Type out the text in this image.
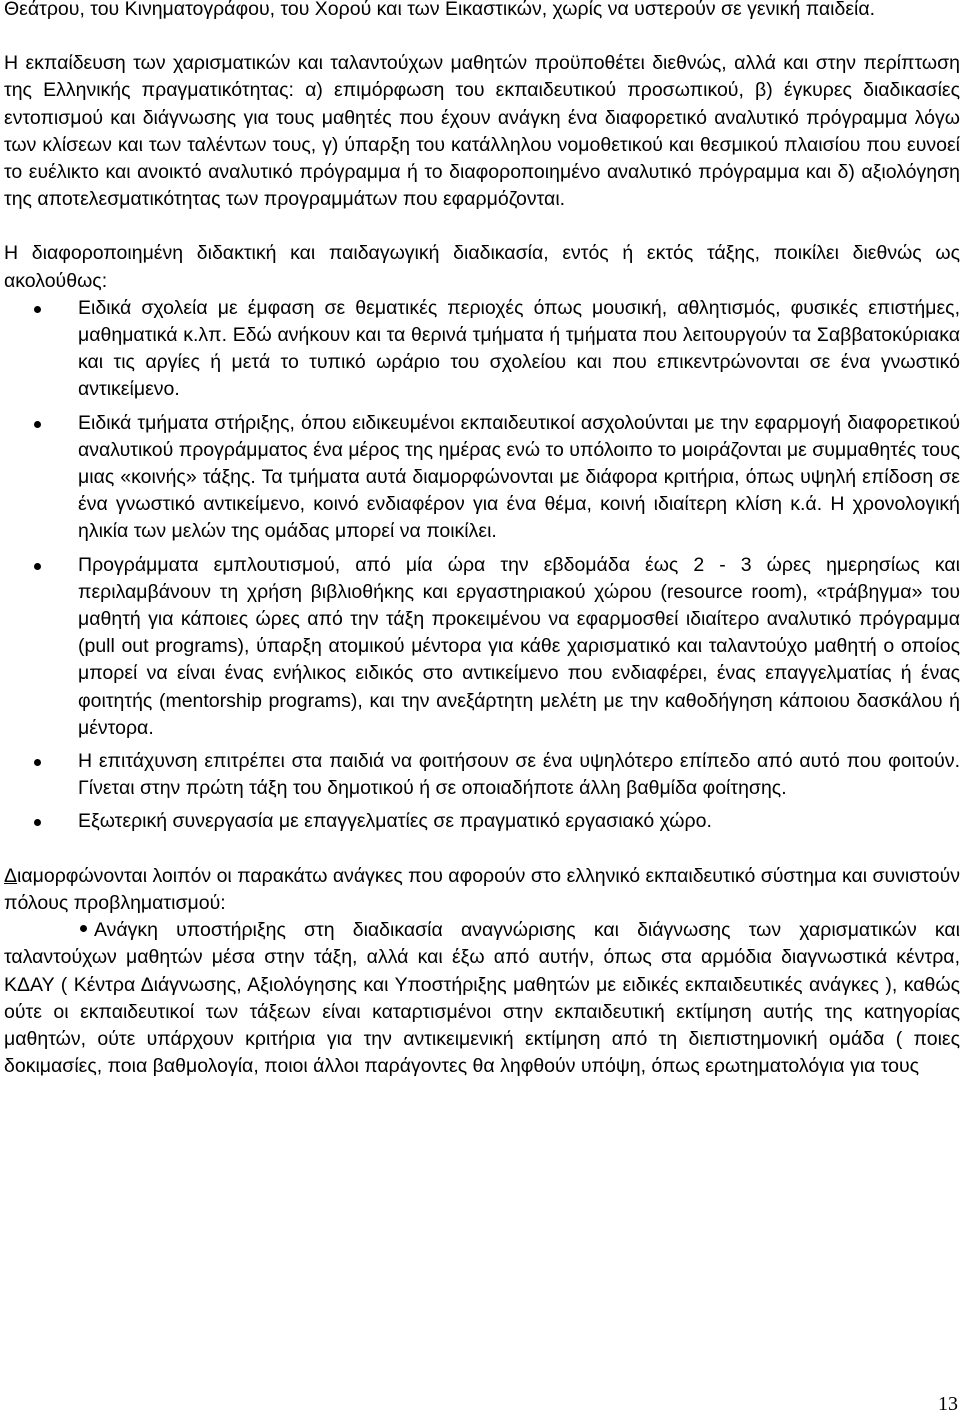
Θεάτρου, του Κινηματογράφου, του Χορού και των Εικαστικών, χωρίς να υστερούν σε γενική παιδεία.

Η εκπαίδευση των χαρισματικών και ταλαντούχων μαθητών προϋποθέτει διεθνώς, αλλά και στην περίπτωση της Ελληνικής πραγματικότητας: α) επιμόρφωση του εκπαιδευτικού προσωπικού, β) έγκυρες διαδικασίες εντοπισμού και διάγνωσης για τους μαθητές που έχουν ανάγκη ένα διαφορετικό αναλυτικό πρόγραμμα λόγω των κλίσεων και των ταλέντων τους, γ) ύπαρξη του κατάλληλου νομοθετικού και θεσμικού πλαισίου που ευνοεί το ευέλικτο και ανοικτό αναλυτικό πρόγραμμα ή το διαφοροποιημένο αναλυτικό πρόγραμμα και δ) αξιολόγηση της αποτελεσματικότητας των προγραμμάτων που εφαρμόζονται.

Η διαφοροποιημένη διδακτική και παιδαγωγική διαδικασία, εντός ή εκτός τάξης, ποικίλει διεθνώς ως ακολούθως:

Ειδικά σχολεία με έμφαση σε θεματικές περιοχές όπως μουσική, αθλητισμός, φυσικές επιστήμες, μαθηματικά κ.λπ. Εδώ ανήκουν και τα θερινά τμήματα ή τμήματα που λειτουργούν τα Σαββατοκύριακα και τις αργίες ή μετά το τυπικό ωράριο του σχολείου και που επικεντρώνονται σε ένα γνωστικό αντικείμενο.
Ειδικά τμήματα στήριξης, όπου ειδικευμένοι εκπαιδευτικοί ασχολούνται με την εφαρμογή διαφορετικού αναλυτικού προγράμματος ένα μέρος της ημέρας ενώ το υπόλοιπο το μοιράζονται με συμμαθητές τους μιας «κοινής» τάξης. Τα τμήματα αυτά διαμορφώνονται με διάφορα κριτήρια, όπως υψηλή επίδοση σε ένα γνωστικό αντικείμενο, κοινό ενδιαφέρον για ένα θέμα, κοινή ιδιαίτερη κλίση κ.ά. Η χρονολογική ηλικία των μελών της ομάδας μπορεί να ποικίλει.
Προγράμματα εμπλουτισμού, από μία ώρα την εβδομάδα έως 2 - 3 ώρες ημερησίως και περιλαμβάνουν τη χρήση βιβλιοθήκης και εργαστηριακού χώρου (resource room), «τράβηγμα» του μαθητή για κάποιες ώρες από την τάξη προκειμένου να εφαρμοσθεί ιδιαίτερο αναλυτικό πρόγραμμα (pull out programs), ύπαρξη ατομικού μέντορα για κάθε χαρισματικό και ταλαντούχο μαθητή ο οποίος μπορεί να είναι ένας ενήλικος ειδικός στο αντικείμενο που ενδιαφέρει, ένας επαγγελματίας ή ένας φοιτητής (mentorship programs), και την ανεξάρτητη μελέτη με την καθοδήγηση κάποιου δασκάλου ή μέντορα.
Η επιτάχυνση επιτρέπει στα παιδιά να φοιτήσουν σε ένα υψηλότερο επίπεδο από αυτό που φοιτούν. Γίνεται στην πρώτη τάξη του δημοτικού ή σε οποιαδήποτε άλλη βαθμίδα φοίτησης.
Εξωτερική συνεργασία με επαγγελματίες σε πραγματικό εργασιακό χώρο.

Διαμορφώνονται λοιπόν οι παρακάτω ανάγκες που αφορούν στο ελληνικό εκπαιδευτικό σύστημα και συνιστούν πόλους προβληματισμού:

Ανάγκη υποστήριξης στη διαδικασία αναγνώρισης και διάγνωσης των χαρισματικών και ταλαντούχων μαθητών μέσα στην τάξη, αλλά και έξω από αυτήν, όπως στα αρμόδια διαγνωστικά κέντρα, ΚΔΑΥ ( Κέντρα Διάγνωσης, Αξιολόγησης και Υποστήριξης μαθητών με ειδικές εκπαιδευτικές ανάγκες ), καθώς ούτε οι εκπαιδευτικοί των τάξεων είναι καταρτισμένοι στην εκπαιδευτική εκτίμηση αυτής της κατηγορίας μαθητών, ούτε υπάρχουν κριτήρια για την αντικειμενική εκτίμηση από τη διεπιστημονική ομάδα ( ποιες δοκιμασίες, ποια βαθμολογία, ποιοι άλλοι παράγοντες θα ληφθούν υπόψη, όπως ερωτηματολόγια για τους
13
